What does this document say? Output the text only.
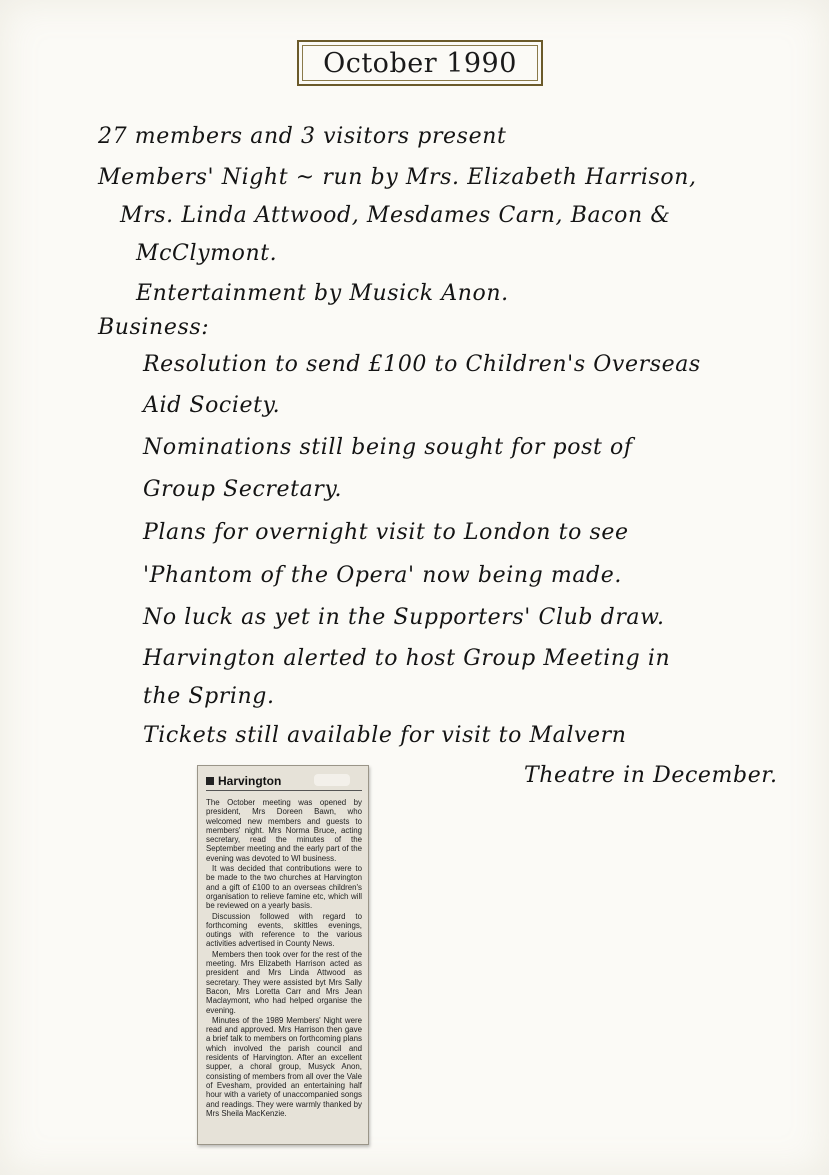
October 1990
27 members and 3 visitors present
Members' Night ~ run by Mrs. Elizabeth Harrison,
Mrs. Linda Attwood, Mesdames Carn, Bacon &
McClymont.
Entertainment by Musick Anon.
Business:
Resolution to send £100 to Children's Overseas
Aid Society.
Nominations still being sought for post of
Group Secretary.
Plans for overnight visit to London to see
'Phantom of the Opera' now being made.
No luck as yet in the Supporters' Club draw.
Harvington alerted to host Group Meeting in
the Spring.
Tickets still available for visit to Malvern
Theatre in December.
Harvington

The October meeting was opened by president, Mrs Doreen Bawn, who welcomed new members and guests to members' night. Mrs Norma Bruce, acting secretary, read the minutes of the September meeting and the early part of the evening was devoted to WI business.

It was decided that contributions were to be made to the two churches at Harvington and a gift of £100 to an overseas children's organisation to relieve famine etc, which will be reviewed on a yearly basis.

Discussion followed with regard to forthcoming events, skittles evenings, outings with reference to the various activities advertised in County News.

Members then took over for the rest of the meeting. Mrs Elizabeth Harrison acted as president and Mrs Linda Attwood as secretary. They were assisted byt Mrs Sally Bacon, Mrs Loretta Carr and Mrs Jean Maclaymont, who had helped organise the evening.

Minutes of the 1989 Members' Night were read and approved. Mrs Harrison then gave a brief talk to members on forthcoming plans which involved the parish council and residents of Harvington. After an excellent supper, a choral group, Musyck Anon, consisting of members from all over the Vale of Evesham, provided an entertaining half hour with a variety of unaccompanied songs and readings. They were warmly thanked by Mrs Sheila MacKenzie.
